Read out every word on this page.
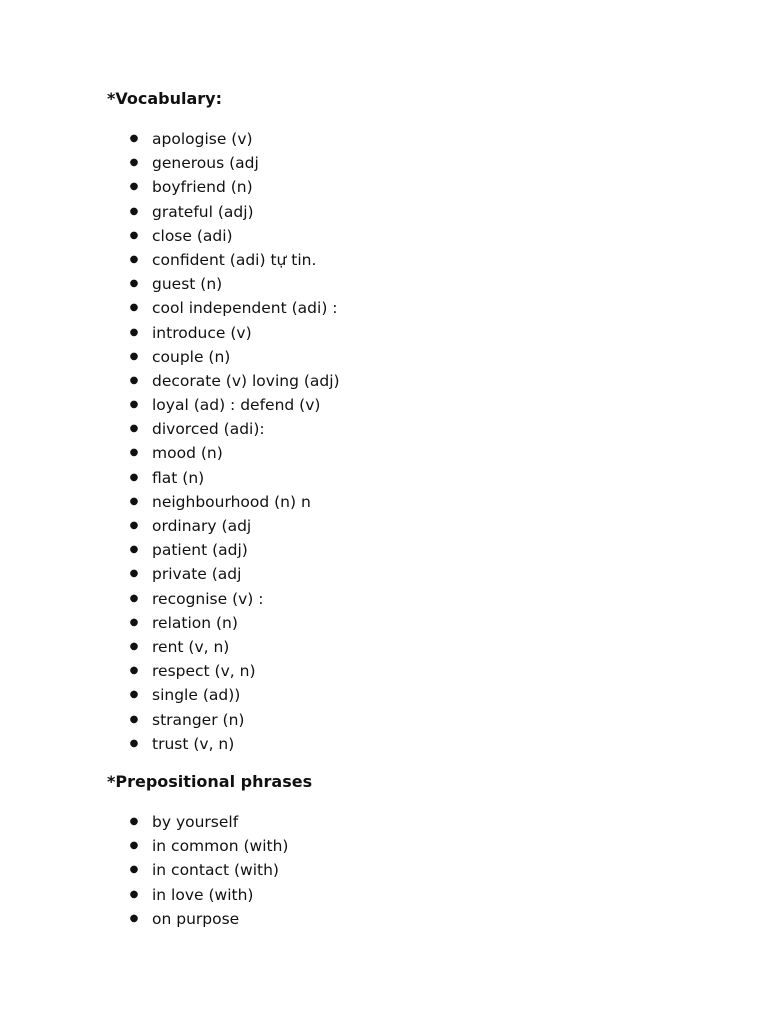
*Vocabulary:
● apologise (v)
● generous (adj
● boyfriend (n)
● grateful (adj)
● close (adi)
● confident (adi) tự tin.
● guest (n)
● cool independent (adi) :
● introduce (v)
● couple (n)
● decorate (v) loving (adj)
● loyal (ad) : defend (v)
● divorced (adi):
● mood (n)
● flat (n)
● neighbourhood (n) n
● ordinary (adj
● patient (adj)
● private (adj
● recognise (v) :
● relation (n)
● rent (v, n)
● respect (v, n)
● single (ad))
● stranger (n)
● trust (v, n)
*Prepositional phrases
● by yourself
● in common (with)
● in contact (with)
● in love (with)
● on purpose
